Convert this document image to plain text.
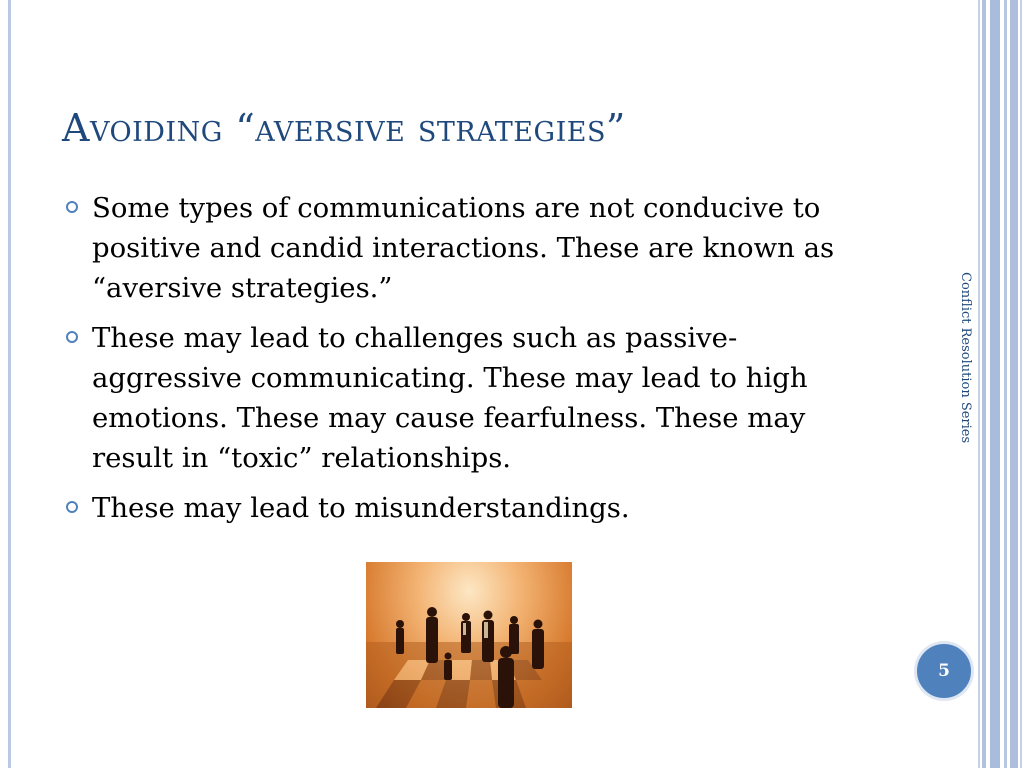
Avoiding “aversive strategies”
Some types of communications are not conducive to positive and candid interactions. These are known as “aversive strategies.”
These may lead to challenges such as passive-aggressive communicating. These may lead to high emotions. These may cause fearfulness. These may result in “toxic” relationships.
These may lead to misunderstandings.
Conflict Resolution Series
5
